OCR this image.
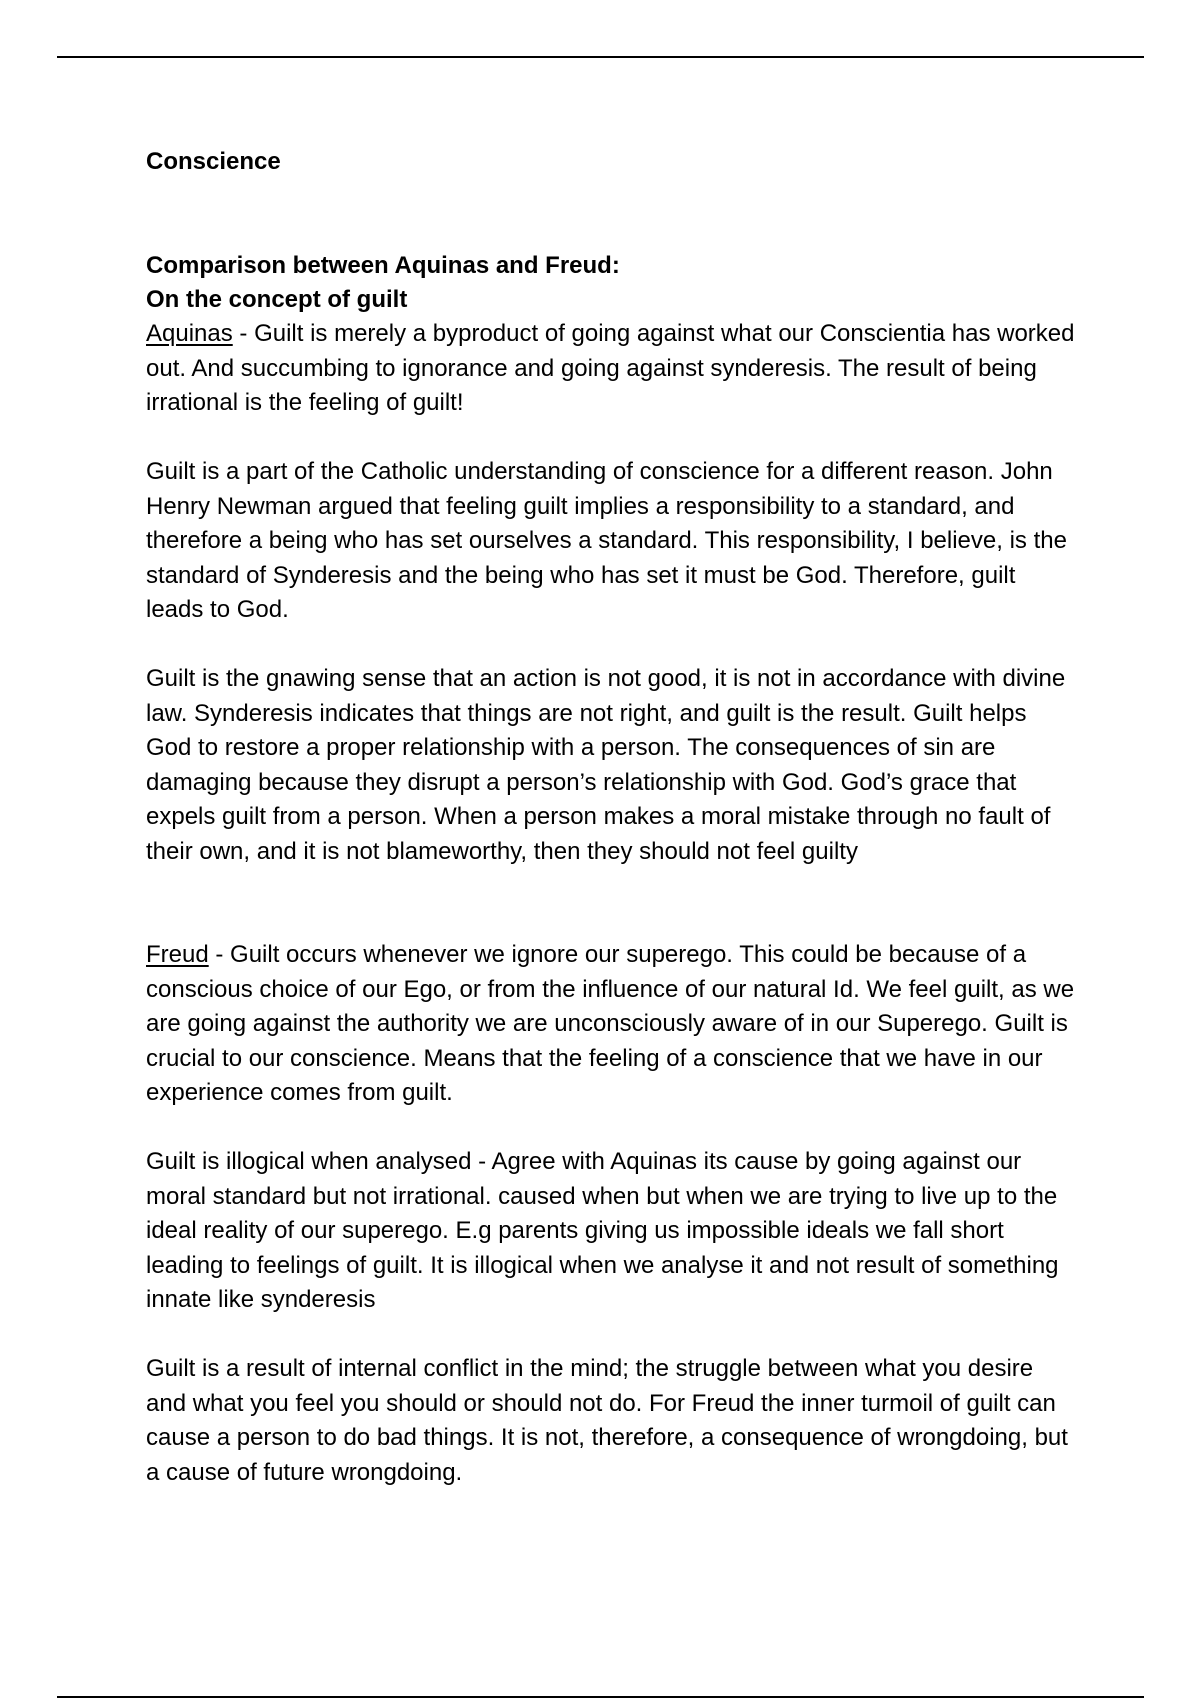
Conscience
Comparison between Aquinas and Freud:
On the concept of guilt

Aquinas - Guilt is merely a byproduct of going against what our Conscientia has worked out. And succumbing to ignorance and going against synderesis. The result of being irrational is the feeling of guilt!

Guilt is a part of the Catholic understanding of conscience for a different reason. John Henry Newman argued that feeling guilt implies a responsibility to a standard, and therefore a being who has set ourselves a standard. This responsibility, I believe, is the standard of Synderesis and the being who has set it must be God. Therefore, guilt leads to God.

Guilt is the gnawing sense that an action is not good, it is not in accordance with divine law. Synderesis indicates that things are not right, and guilt is the result. Guilt helps God to restore a proper relationship with a person. The consequences of sin are damaging because they disrupt a person’s relationship with God. God’s grace that expels guilt from a person. When a person makes a moral mistake through no fault of their own, and it is not blameworthy, then they should not feel guilty

Freud - Guilt occurs whenever we ignore our superego. This could be because of a conscious choice of our Ego, or from the influence of our natural Id. We feel guilt, as we are going against the authority we are unconsciously aware of in our Superego. Guilt is crucial to our conscience. Means that the feeling of a conscience that we have in our experience comes from guilt.

Guilt is illogical when analysed - Agree with Aquinas its cause by going against our moral standard but not irrational. caused when but when we are trying to live up to the ideal reality of our superego. E.g parents giving us impossible ideals we fall short leading to feelings of guilt. It is illogical when we analyse it and not result of something innate like synderesis

Guilt is a result of internal conflict in the mind; the struggle between what you desire and what you feel you should or should not do. For Freud the inner turmoil of guilt can cause a person to do bad things. It is not, therefore, a consequence of wrongdoing, but a cause of future wrongdoing.
